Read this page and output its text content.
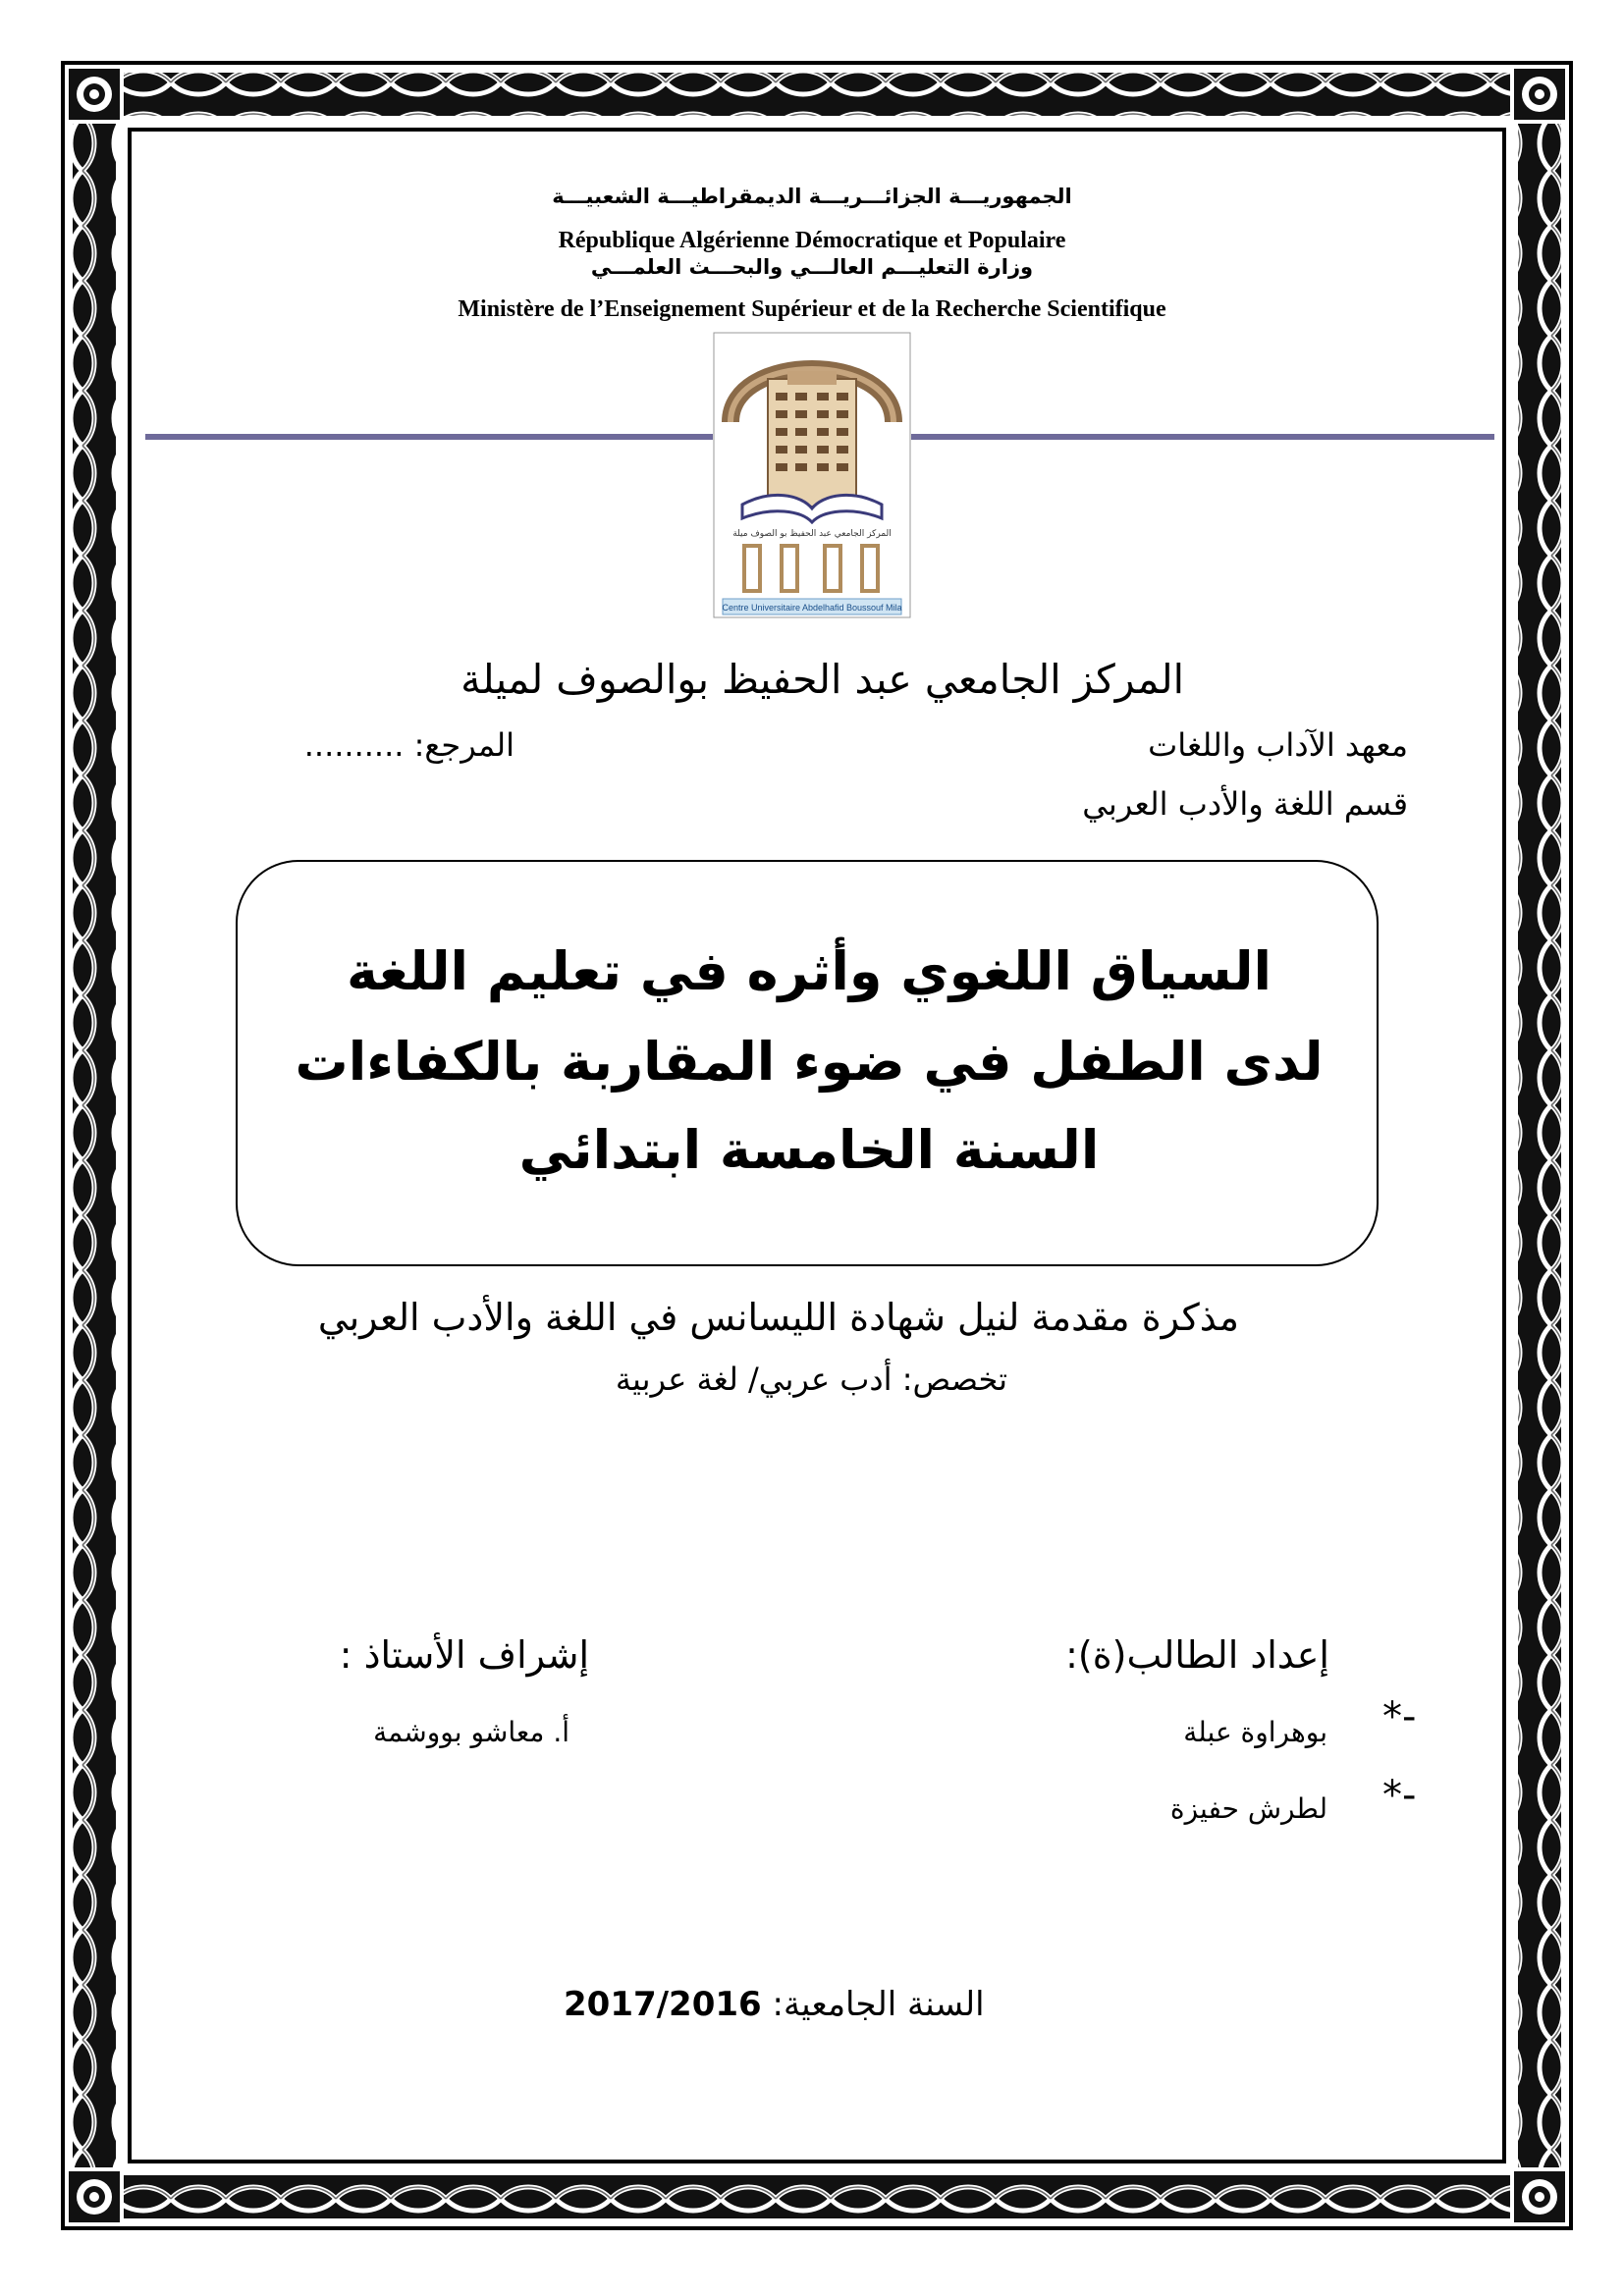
الجمهوريـــة الجزائـــريـــة الديمقراطيـــة الشعبيـــة
République Algérienne Démocratique et Populaire
وزارة التعليـــم العالـــي والبحـــث العلمـــي
Ministère de l’Enseignement Supérieur et de la Recherche Scientifique
المركز الجامعي عبد الحفيظ بو الصوف ميلة
Centre Universitaire Abdelhafid Boussouf Mila
المركز الجامعي عبد الحفيظ بوالصوف لميلة
معهد الآداب واللغات
المرجع: ..........
قسم اللغة والأدب العربي
السياق اللغوي وأثره في تعليم اللغة
لدى الطفل في ضوء المقاربة بالكفاءات
السنة الخامسة ابتدائي
مذكرة مقدمة لنيل شهادة الليسانس في اللغة والأدب العربي
تخصص: أدب عربي/ لغة عربية
إعداد الطالب(ة):
إشراف الأستاذ :
*-
بوهراوة عبلة
*-
لطرش حفيزة
أ. معاشو بووشمة
2017/2016 السنة الجامعية:
